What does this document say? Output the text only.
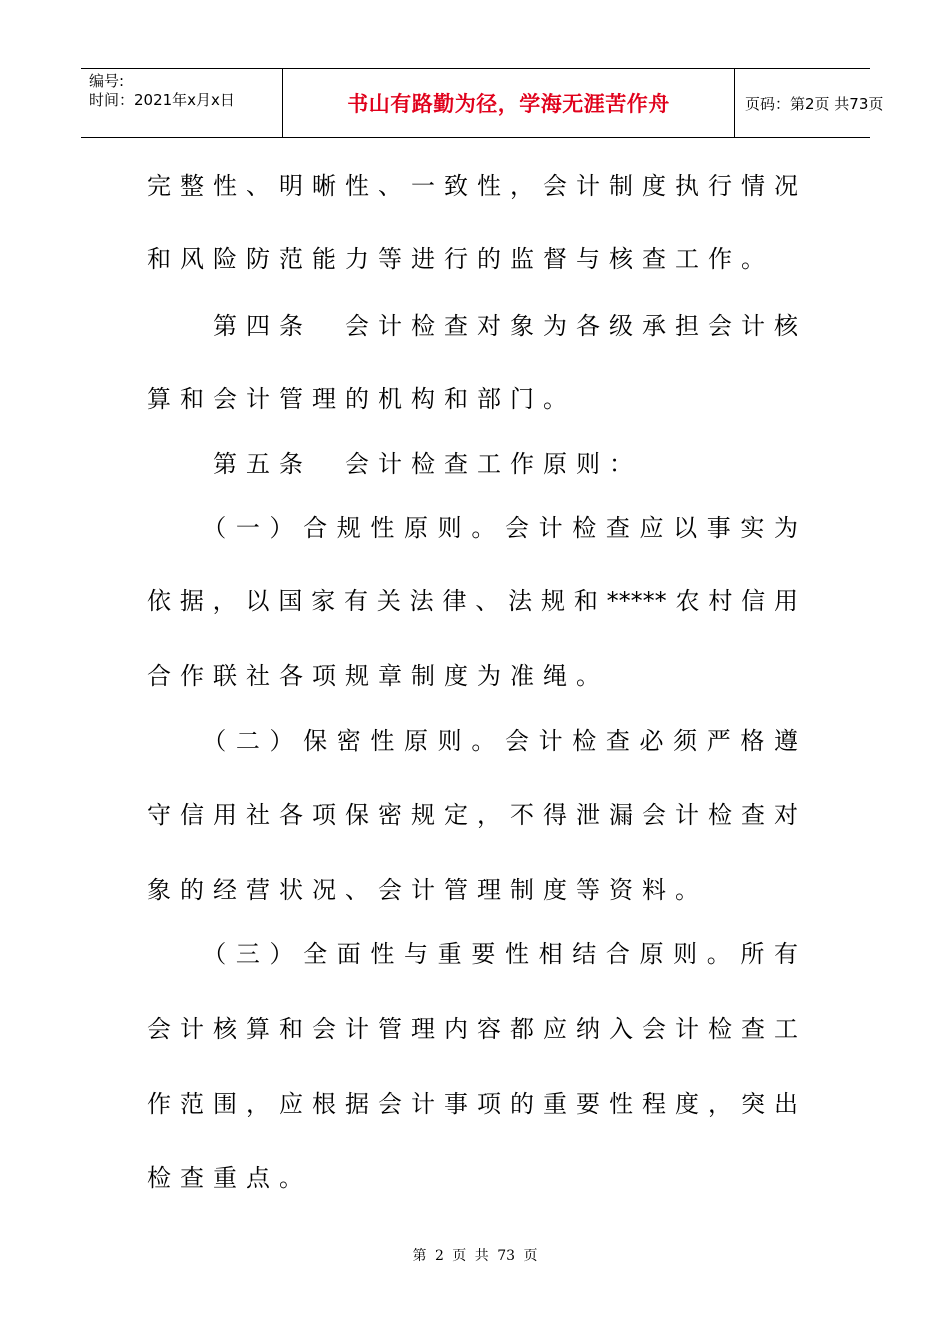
编号:
时间：2021年x月x日	书山有路勤为径，学海无涯苦作舟	页码：第2页 共73页
完整性、明晰性、一致性，会计制度执行情况
和风险防范能力等进行的监督与核查工作。
　　第四条　会计检查对象为各级承担会计核
算和会计管理的机构和部门。
　　第五条　会计检查工作原则：
　　（一）合规性原则。会计检查应以事实为
依据，以国家有关法律、法规和*****农村信用
合作联社各项规章制度为准绳。
　　（二）保密性原则。会计检查必须严格遵
守信用社各项保密规定，不得泄漏会计检查对
象的经营状况、会计管理制度等资料。
　　（三）全面性与重要性相结合原则。所有
会计核算和会计管理内容都应纳入会计检查工
作范围，应根据会计事项的重要性程度，突出
检查重点。
第 2 页 共 73 页
